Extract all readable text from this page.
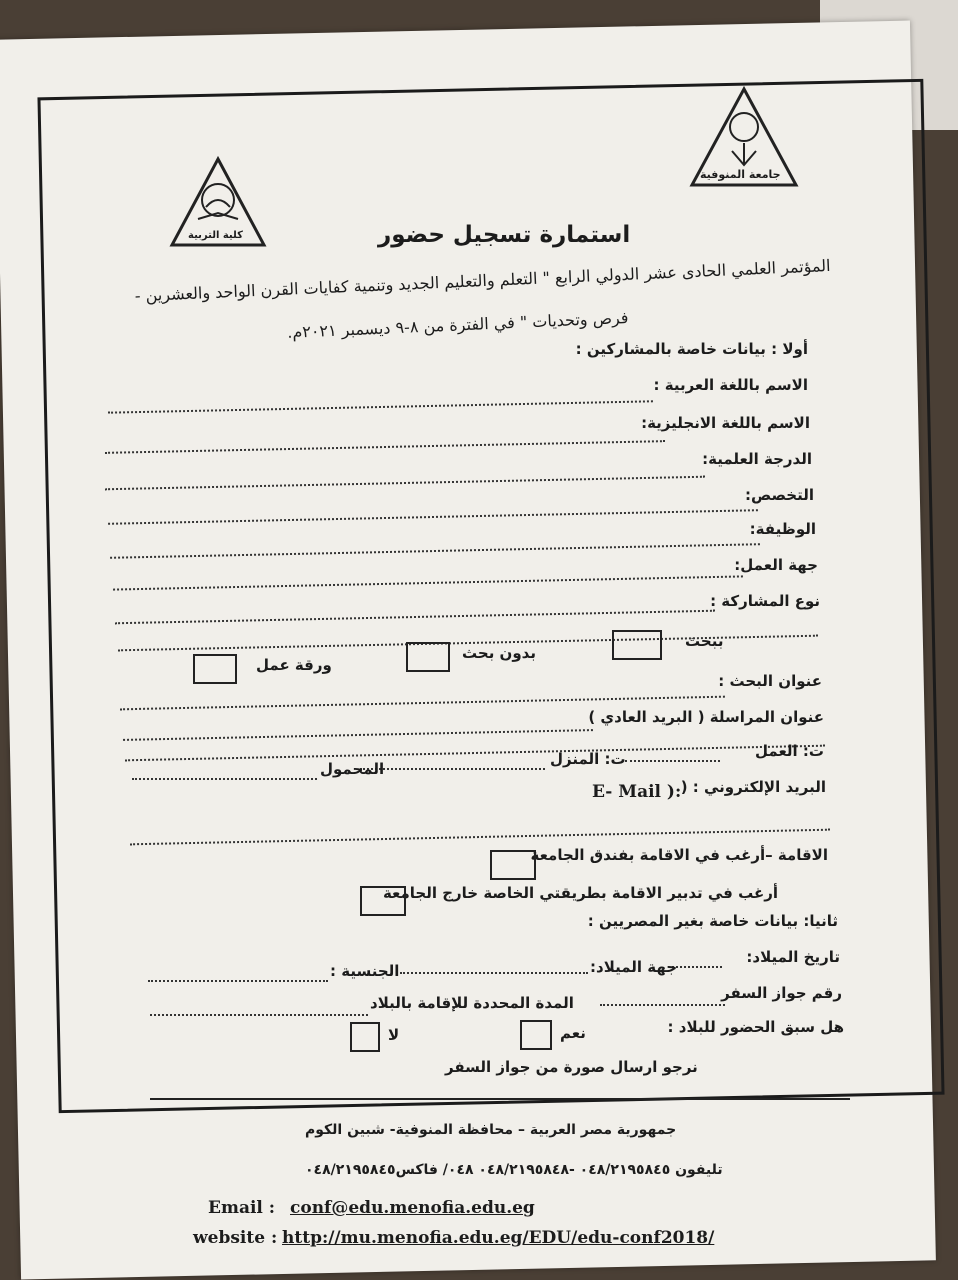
كلية التربية
جامعة المنوفية
استمارة تسجيل حضور
المؤتمر العلمي الحادى عشر الدولي الرابع " التعلم والتعليم الجديد وتنمية كفايات القرن الواحد والعشرين -
فرص وتحديات " في الفترة من ٨-٩ ديسمبر ٢٠٢١م.
أولا : بيانات خاصة بالمشاركين :
الاسم باللغة العربية :
الاسم باللغة الانجليزية:
الدرجة العلمية:
التخصص:
الوظيفة:
جهة العمل:
نوع المشاركة :
ببحث
بدون بحث
ورقة عمل
عنوان البحث :
عنوان المراسلة ( البريد العادي )
ت: العمل
ت: المنزل
المحمول
البريد الإلكتروني : (
E- Mail ):
الاقامة –أرغب في الاقامة بفندق الجامعة
أرغب في تدبير الاقامة بطريقتي الخاصة خارج الجامعة
ثانيا: بيانات خاصة بغير المصريين :
تاريخ الميلاد:
جهة الميلاد:
الجنسية :
رقم جواز السفر
المدة المحددة للإقامة بالبلاد
هل سبق الحضور للبلاد :
نعم
لا
نرجو ارسال صورة من جواز السفر
جمهورية مصر العربية – محافظة المنوفية- شبين الكوم
تليفون ٠٤٨/٢١٩٥٨٤٥ -٠٤٨/٢١٩٥٨٤٨ ٠٤٨/ فاكس٠٤٨/٢١٩٥٨٤٥
Email : conf@edu.menofia.edu.eg
website : http://mu.menofia.edu.eg/EDU/edu-conf2018/
